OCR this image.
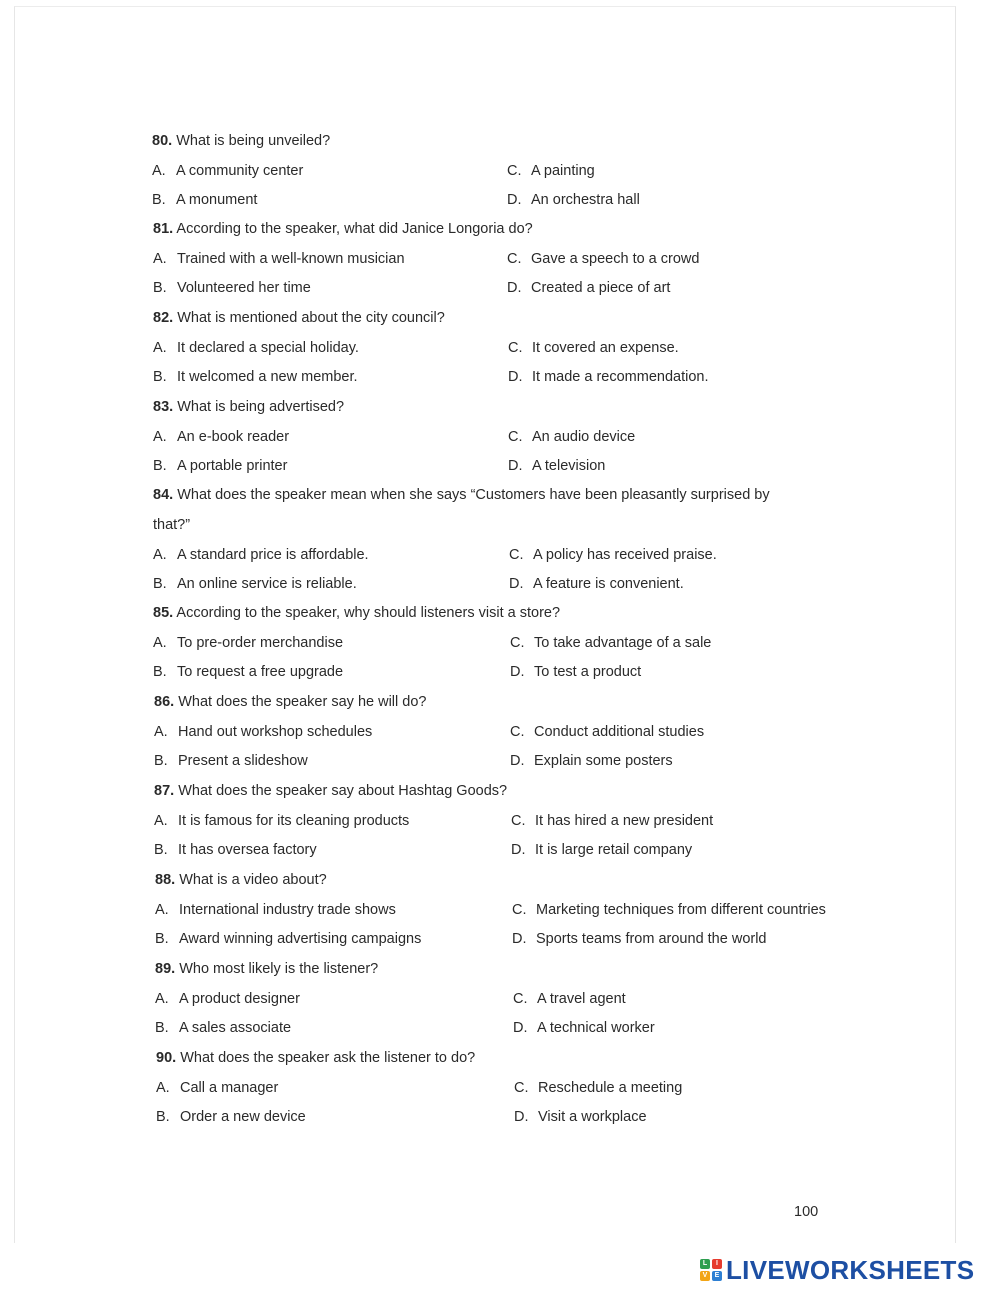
80. What is being unveiled?
A. A community center	C. A painting
B. A monument	D. An orchestra hall
81. According to the speaker, what did Janice Longoria do?
A. Trained with a well-known musician	C. Gave a speech to a crowd
B. Volunteered her time	D. Created a piece of art
82. What is mentioned about the city council?
A. It declared a special holiday.	C. It covered an expense.
B. It welcomed a new member.	D. It made a recommendation.
83. What is being advertised?
A. An e-book reader	C. An audio device
B. A portable printer	D. A television
84. What does the speaker mean when she says “Customers have been pleasantly surprised by
that?”
A. A standard price is affordable.	C. A policy has received praise.
B. An online service is reliable.	D. A feature is convenient.
85. According to the speaker, why should listeners visit a store?
A. To pre-order merchandise	C. To take advantage of a sale
B. To request a free upgrade	D. To test a product
86. What does the speaker say he will do?
A. Hand out workshop schedules	C. Conduct additional studies
B. Present a slideshow	D. Explain some posters
87. What does the speaker say about Hashtag Goods?
A. It is famous for its cleaning products	C. It has hired a new president
B. It has oversea factory	D. It is large retail company
88. What is a video about?
A. International industry trade shows	C. Marketing techniques from different countries
B. Award winning advertising campaigns	D. Sports teams from around the world
89. Who most likely is the listener?
A. A product designer	C. A travel agent
B. A sales associate	D. A technical worker
90. What does the speaker ask the listener to do?
A. Call a manager	C. Reschedule a meeting
B. Order a new device	D. Visit a workplace
100
L	I
V	E LIVEWORKSHEETS
